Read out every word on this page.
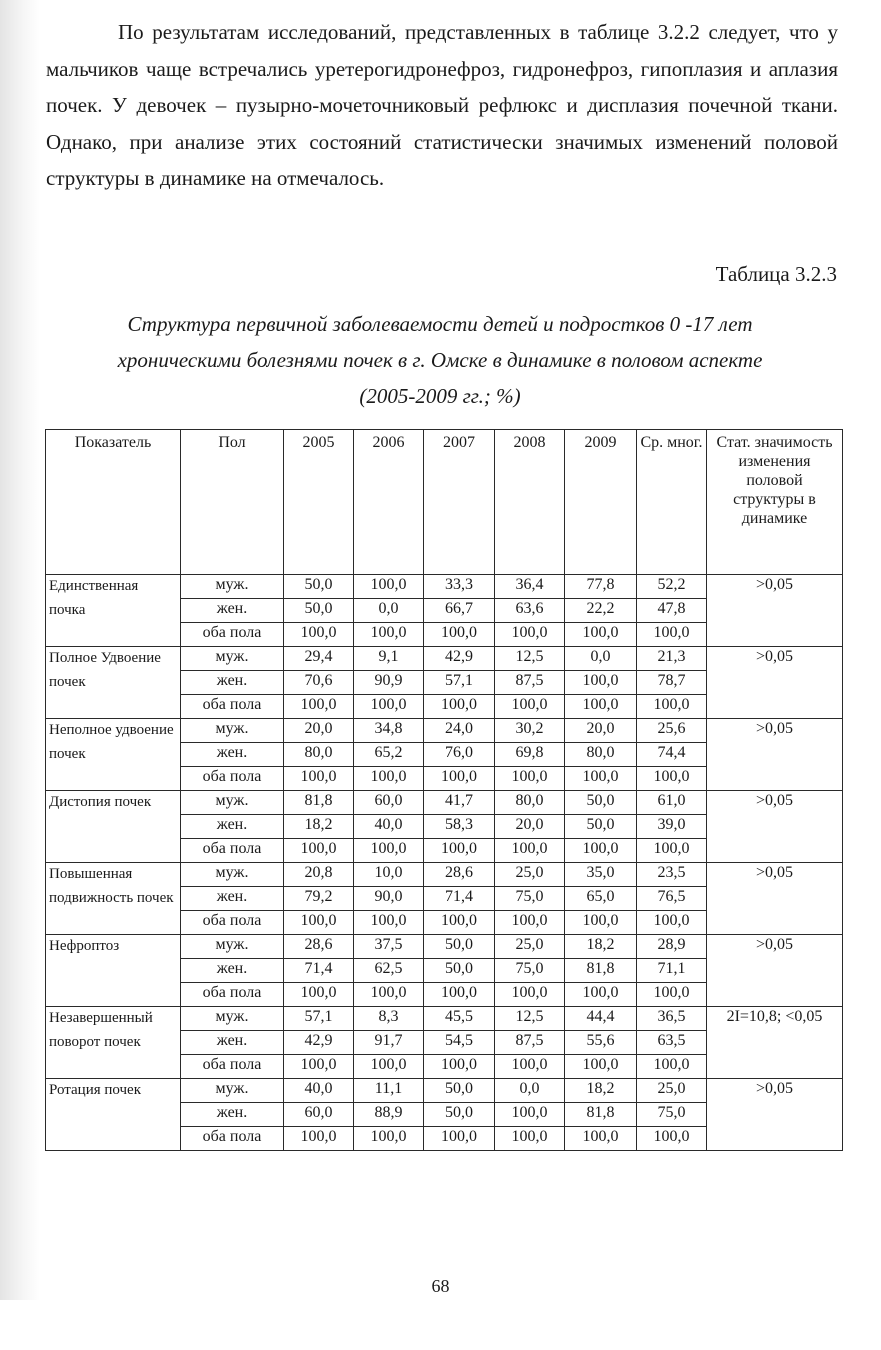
По результатам исследований, представленных в таблице 3.2.2 следует, что у мальчиков чаще встречались уретерогидронефроз, гидронефроз, гипоплазия и аплазия почек. У девочек – пузырно-мочеточниковый рефлюкс и дисплазия почечной ткани. Однако, при анализе этих состояний статистически значимых изменений половой структуры в динамике на отмечалось.

Таблица 3.2.3

Структура первичной заболеваемости детей и подростков 0 -17 лет
хроническими болезнями почек в г. Омске в динамике в половом аспекте
(2005-2009 гг.; %)

Показатель	Пол	2005	2006	2007	2008	2009	Ср. мног.	Стат. значимость изменения половой структуры в динамике
Единственная почка	муж.	50,0	100,0	33,3	36,4	77,8	52,2	>0,05
	жен.	50,0	0,0	66,7	63,6	22,2	47,8	
	оба пола	100,0	100,0	100,0	100,0	100,0	100,0	
Полное Удвоение почек	муж.	29,4	9,1	42,9	12,5	0,0	21,3	>0,05
	жен.	70,6	90,9	57,1	87,5	100,0	78,7	
	оба пола	100,0	100,0	100,0	100,0	100,0	100,0	
Неполное удвоение почек	муж.	20,0	34,8	24,0	30,2	20,0	25,6	>0,05
	жен.	80,0	65,2	76,0	69,8	80,0	74,4	
	оба пола	100,0	100,0	100,0	100,0	100,0	100,0	
Дистопия почек	муж.	81,8	60,0	41,7	80,0	50,0	61,0	>0,05
	жен.	18,2	40,0	58,3	20,0	50,0	39,0	
	оба пола	100,0	100,0	100,0	100,0	100,0	100,0	
Повышенная подвижность почек	муж.	20,8	10,0	28,6	25,0	35,0	23,5	>0,05
	жен.	79,2	90,0	71,4	75,0	65,0	76,5	
	оба пола	100,0	100,0	100,0	100,0	100,0	100,0	
Нефроптоз	муж.	28,6	37,5	50,0	25,0	18,2	28,9	>0,05
	жен.	71,4	62,5	50,0	75,0	81,8	71,1	
	оба пола	100,0	100,0	100,0	100,0	100,0	100,0	
Незавершенный поворот почек	муж.	57,1	8,3	45,5	12,5	44,4	36,5	2I=10,8; <0,05
	жен.	42,9	91,7	54,5	87,5	55,6	63,5	
	оба пола	100,0	100,0	100,0	100,0	100,0	100,0	
Ротация почек	муж.	40,0	11,1	50,0	0,0	18,2	25,0	>0,05
	жен.	60,0	88,9	50,0	100,0	81,8	75,0	
	оба пола	100,0	100,0	100,0	100,0	100,0	100,0	

68
